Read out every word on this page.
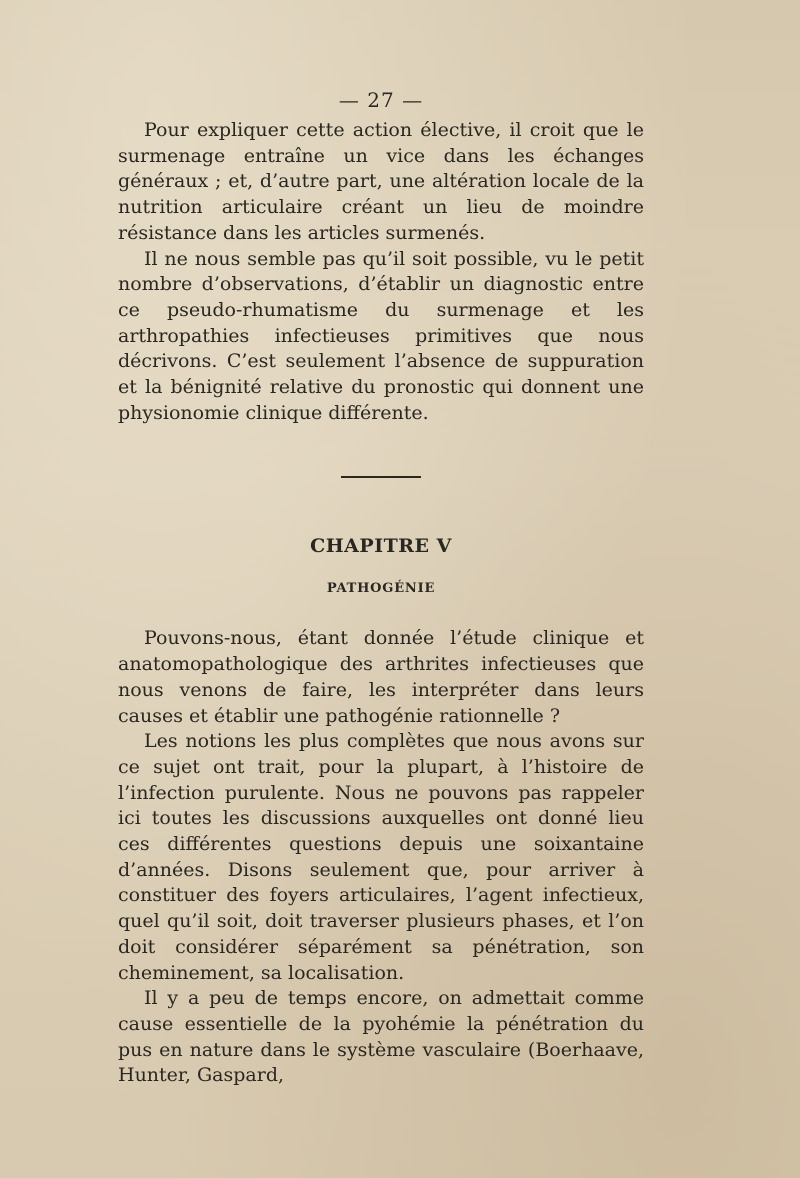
— 27 —

Pour expliquer cette action élective, il croit que le surmenage entraîne un vice dans les échanges généraux ; et, d’autre part, une altération locale de la nutrition articulaire créant un lieu de moindre résistance dans les articles surmenés.

Il ne nous semble pas qu’il soit possible, vu le petit nombre d’observations, d’établir un diagnostic entre ce pseudo-rhumatisme du surmenage et les arthropathies infectieuses primitives que nous décrivons. C’est seulement l’absence de suppuration et la bénignité relative du pronostic qui donnent une physionomie clinique différente.

CHAPITRE V
PATHOGÉNIE

Pouvons-nous, étant donnée l’étude clinique et anatomopathologique des arthrites infectieuses que nous venons de faire, les interpréter dans leurs causes et établir une pathogénie rationnelle ?

Les notions les plus complètes que nous avons sur ce sujet ont trait, pour la plupart, à l’histoire de l’infection purulente. Nous ne pouvons pas rappeler ici toutes les discussions auxquelles ont donné lieu ces différentes questions depuis une soixantaine d’années. Disons seulement que, pour arriver à constituer des foyers articulaires, l’agent infectieux, quel qu’il soit, doit traverser plusieurs phases, et l’on doit considérer séparément sa pénétration, son cheminement, sa localisation.

Il y a peu de temps encore, on admettait comme cause essentielle de la pyohémie la pénétration du pus en nature dans le système vasculaire (Boerhaave, Hunter, Gaspard,
